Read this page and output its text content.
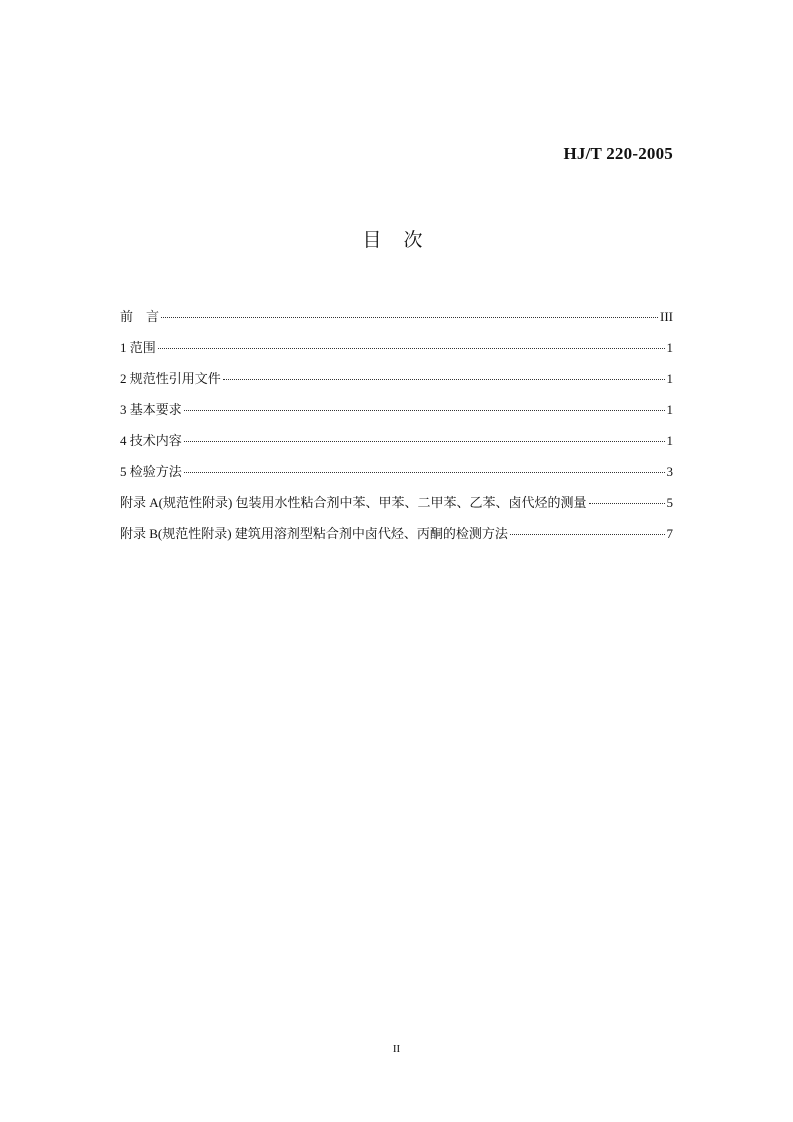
HJ/T 220-2005
目 次
前　言	III
1 范围	1
2 规范性引用文件	1
3 基本要求	1
4 技术内容	1
5 检验方法	3
附录 A(规范性附录) 包装用水性粘合剂中苯、甲苯、二甲苯、乙苯、卤代烃的测量	5
附录 B(规范性附录) 建筑用溶剂型粘合剂中卤代烃、丙酮的检测方法	7
II
